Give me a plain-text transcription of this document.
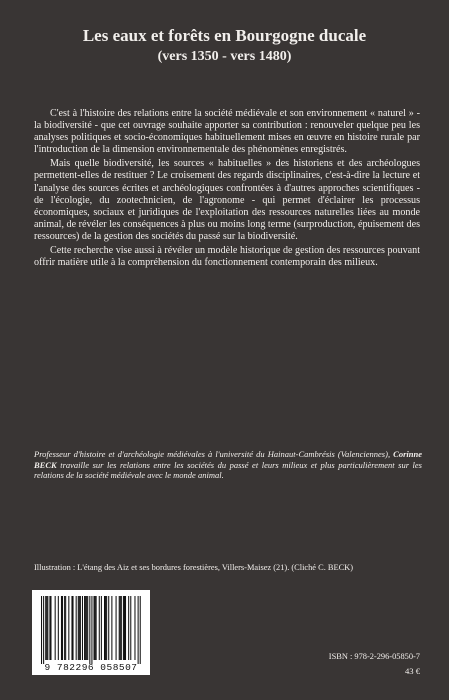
Les eaux et forêts en Bourgogne ducale
(vers 1350 - vers 1480)

C'est à l'histoire des relations entre la société médiévale et son environnement « naturel » - la biodiversité - que cet ouvrage souhaite apporter sa contribution : renouveler quelque peu les analyses politiques et socio-économiques habituellement mises en œuvre en histoire rurale par l'introduction de la dimension environnementale des phénomènes enregistrés.

Mais quelle biodiversité, les sources « habituelles » des historiens et des archéologues permettent-elles de restituer ? Le croisement des regards disciplinaires, c'est-à-dire la lecture et l'analyse des sources écrites et archéologiques confrontées à d'autres approches scientifiques - de l'écologie, du zootechnicien, de l'agronome - qui permet d'éclairer les processus économiques, sociaux et juridiques de l'exploitation des ressources naturelles liées au monde animal, de révéler les conséquences à plus ou moins long terme (surproduction, épuisement des ressources) de la gestion des sociétés du passé sur la biodiversité.

Cette recherche vise aussi à révéler un modèle historique de gestion des ressources pouvant offrir matière utile à la compréhension du fonctionnement contemporain des milieux.

Professeur d'histoire et d'archéologie médiévales à l'université du Hainaut-Cambrésis (Valenciennes), Corinne BECK travaille sur les relations entre les sociétés du passé et leurs milieux et plus particulièrement sur les relations de la société médiévale avec le monde animal.
Illustration : L'étang des Aiz et ses bordures forestières, Villers-Maisez (21). (Cliché C. BECK)
9 782296 058507
ISBN : 978-2-296-05850-7
43 €
